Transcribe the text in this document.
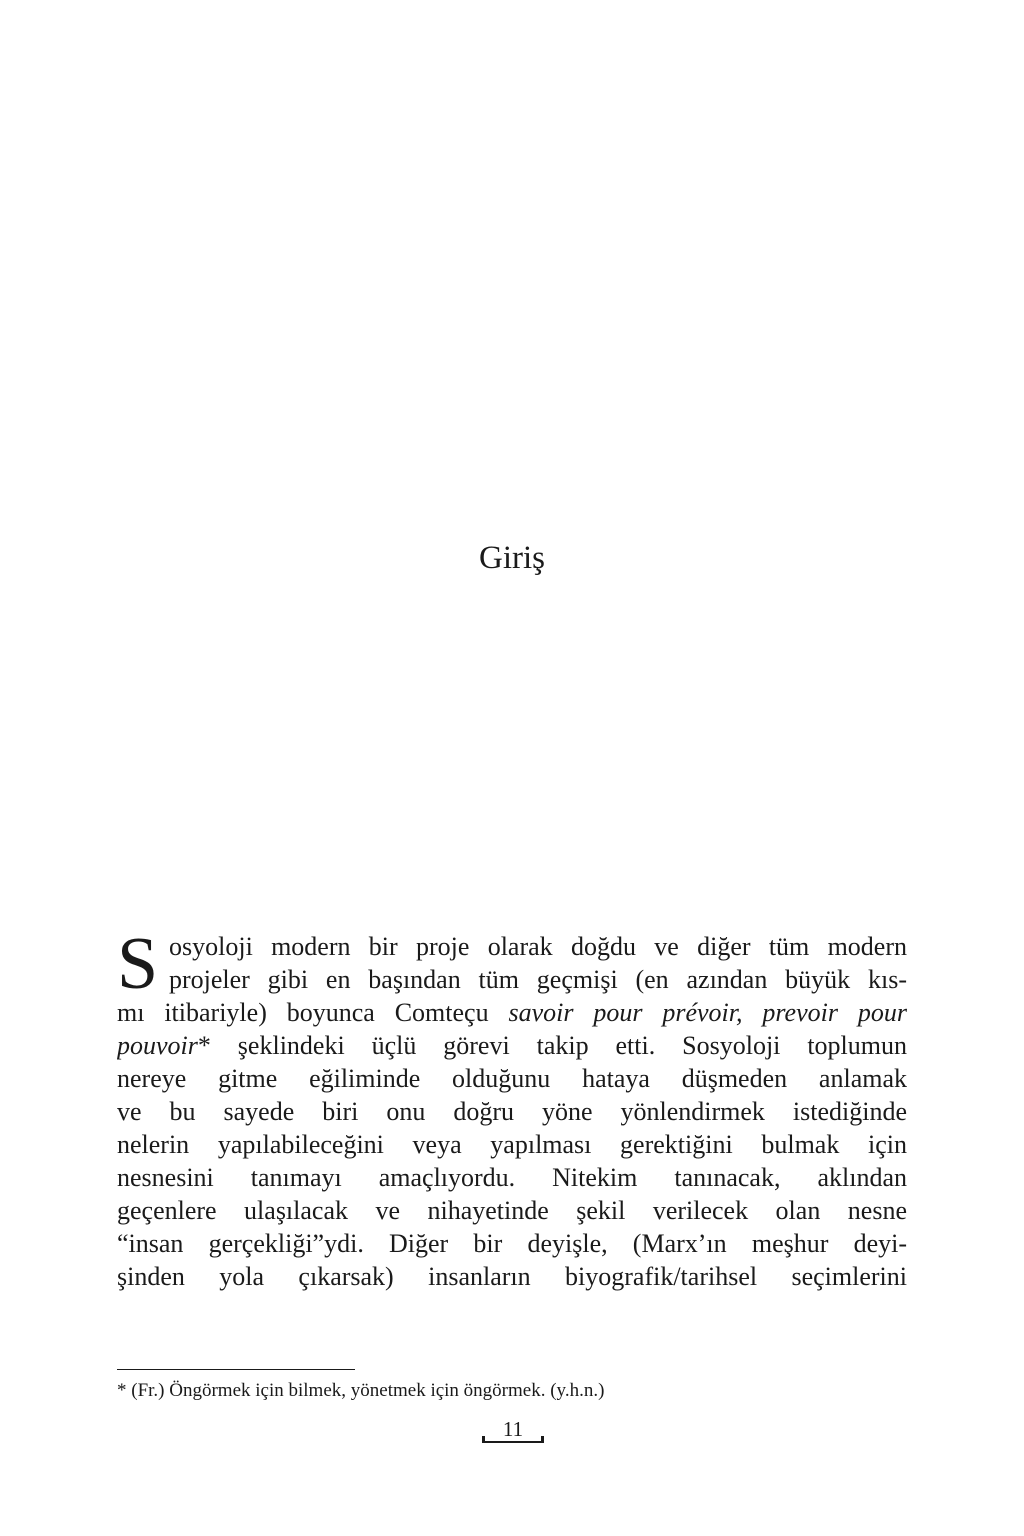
Giriş
S osyoloji modern bir proje olarak doğdu ve diğer tüm modern
projeler gibi en başından tüm geçmişi (en azından büyük kıs-
mı itibariyle) boyunca Comteçu savoir pour prévoir, prevoir pour
pouvoir* şeklindeki üçlü görevi takip etti. Sosyoloji toplumun
nereye gitme eğiliminde olduğunu hataya düşmeden anlamak
ve bu sayede biri onu doğru yöne yönlendirmek istediğinde
nelerin yapılabileceğini veya yapılması gerektiğini bulmak için
nesnesini tanımayı amaçlıyordu. Nitekim tanınacak, aklından
geçenlere ulaşılacak ve nihayetinde şekil verilecek olan nesne
“insan gerçekliği”ydi. Diğer bir deyişle, (Marx’ın meşhur deyi-
şinden yola çıkarsak) insanların biyografik/tarihsel seçimlerini
* (Fr.) Öngörmek için bilmek, yönetmek için öngörmek. (y.h.n.)
11
